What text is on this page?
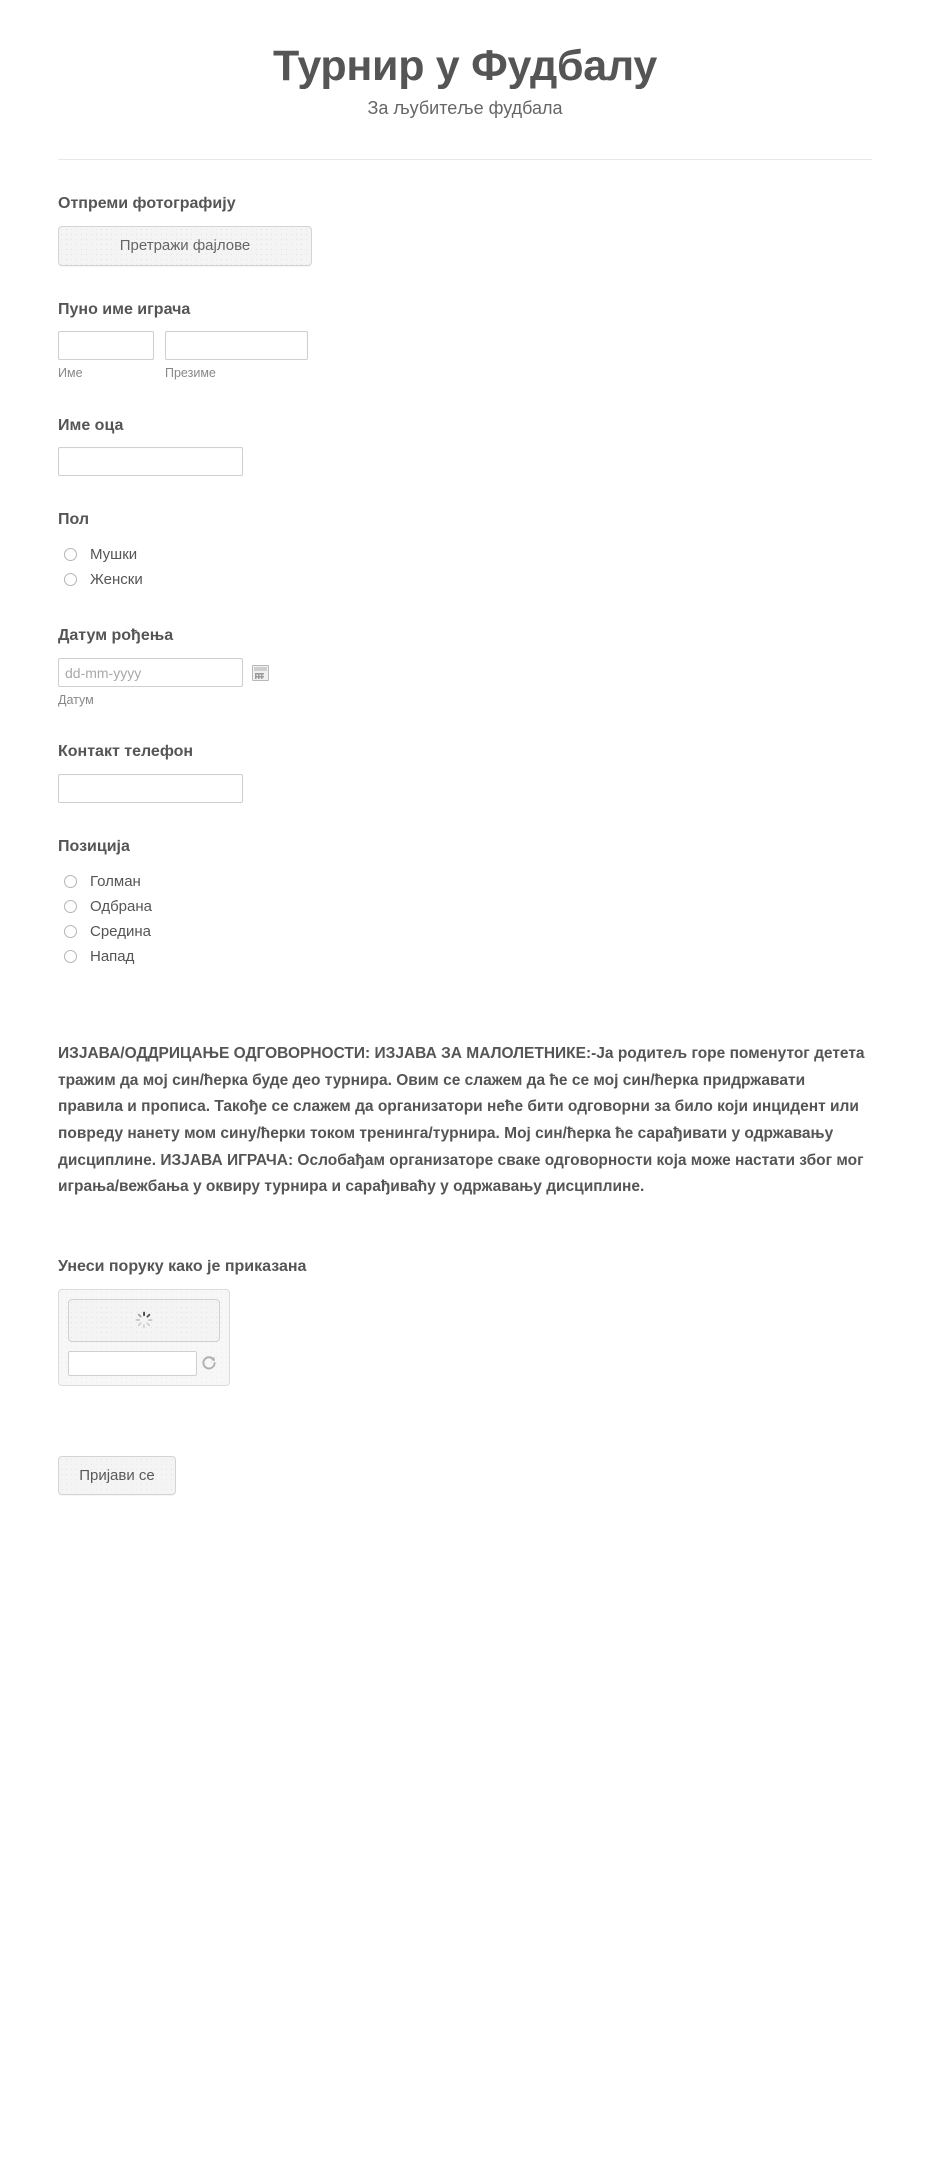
Турнир у Фудбалу

За љубитеље фудбала

Отпреми фотографију
Претражи фајлове
Пуно име играча
Име	Презиме
Име оца
Пол
Мушки
Женски
Датум рођења
dd-mm-yyyy
Датум
Контакт телефон
Позиција
Голман
Одбрана
Средина
Напад
ИЗЈАВА/ОДДРИЦАЊЕ ОДГОВОРНОСТИ: ИЗЈАВА ЗА МАЛОЛЕТНИКЕ:-Ја родитељ горе поменутог детета тражим да мој син/ћерка буде део турнира. Овим се слажем да ће се мој син/ћерка придржавати правила и прописа. Такође се слажем да организатори неће бити одговорни за било који инцидент или повреду нанету мом сину/ћерки током тренинга/турнира. Мој син/ћерка ће сарађивати у одржавању дисциплине. ИЗЈАВА ИГРАЧА: Ослобађам организаторе сваке одговорности која може настати због мог играња/вежбања у оквиру турнира и сарађиваћу у одржавању дисциплине.
Унеси поруку како је приказана
Пријави се
